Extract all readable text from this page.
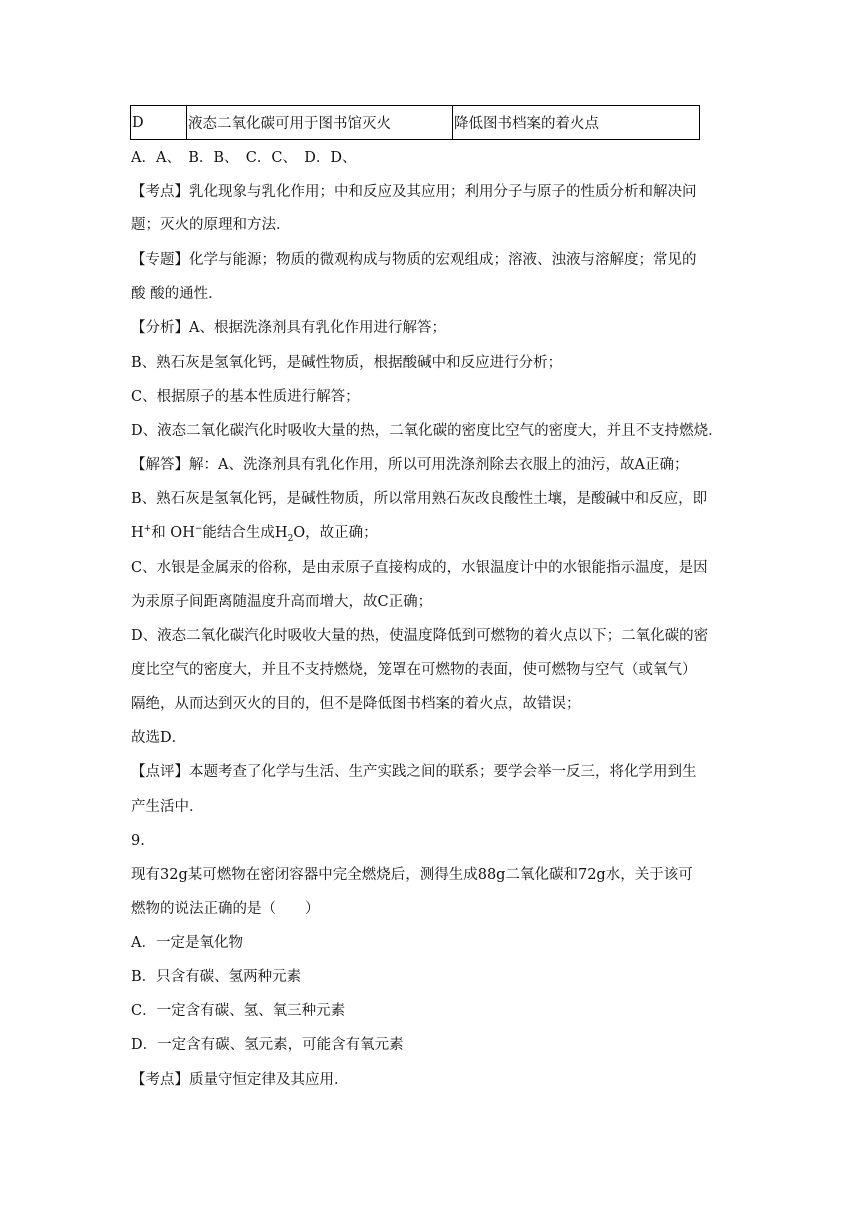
D	液态二氧化碳可用于图书馆灭火	降低图书档案的着火点
A．A、　B．B、　C．C、　D．D、
【考点】乳化现象与乳化作用；中和反应及其应用；利用分子与原子的性质分析和解决问
题；灭火的原理和方法．
【专题】化学与能源；物质的微观构成与物质的宏观组成；溶液、浊液与溶解度；常见的
酸 酸的通性．
【分析】A、根据洗涤剂具有乳化作用进行解答；
B、熟石灰是氢氧化钙，是碱性物质，根据酸碱中和反应进行分析；
C、根据原子的基本性质进行解答；
D、液态二氧化碳汽化时吸收大量的热，二氧化碳的密度比空气的密度大，并且不支持燃烧．
【解答】解：A、洗涤剂具有乳化作用，所以可用洗涤剂除去衣服上的油污，故A正确；
B、熟石灰是氢氧化钙，是碱性物质，所以常用熟石灰改良酸性土壤，是酸碱中和反应，即
H+和 OH−能结合生成$H_2O$，故正确；
C、水银是金属汞的俗称，是由汞原子直接构成的，水银温度计中的水银能指示温度，是因
为汞原子间距离随温度升高而增大，故C正确；
D、液态二氧化碳汽化时吸收大量的热，使温度降低到可燃物的着火点以下；二氧化碳的密
度比空气的密度大，并且不支持燃烧，笼罩在可燃物的表面，使可燃物与空气（或氧气）
隔绝，从而达到灭火的目的，但不是降低图书档案的着火点，故错误；
故选D．
【点评】本题考查了化学与生活、生产实践之间的联系；要学会举一反三，将化学用到生
产生活中．
9.
现有32g某可燃物在密闭容器中完全燃烧后，测得生成88g二氧化碳和72g水，关于该可
燃物的说法正确的是（　　）
A．一定是氧化物
B．只含有碳、氢两种元素
C．一定含有碳、氢、氧三种元素
D．一定含有碳、氢元素，可能含有氧元素
【考点】质量守恒定律及其应用．
